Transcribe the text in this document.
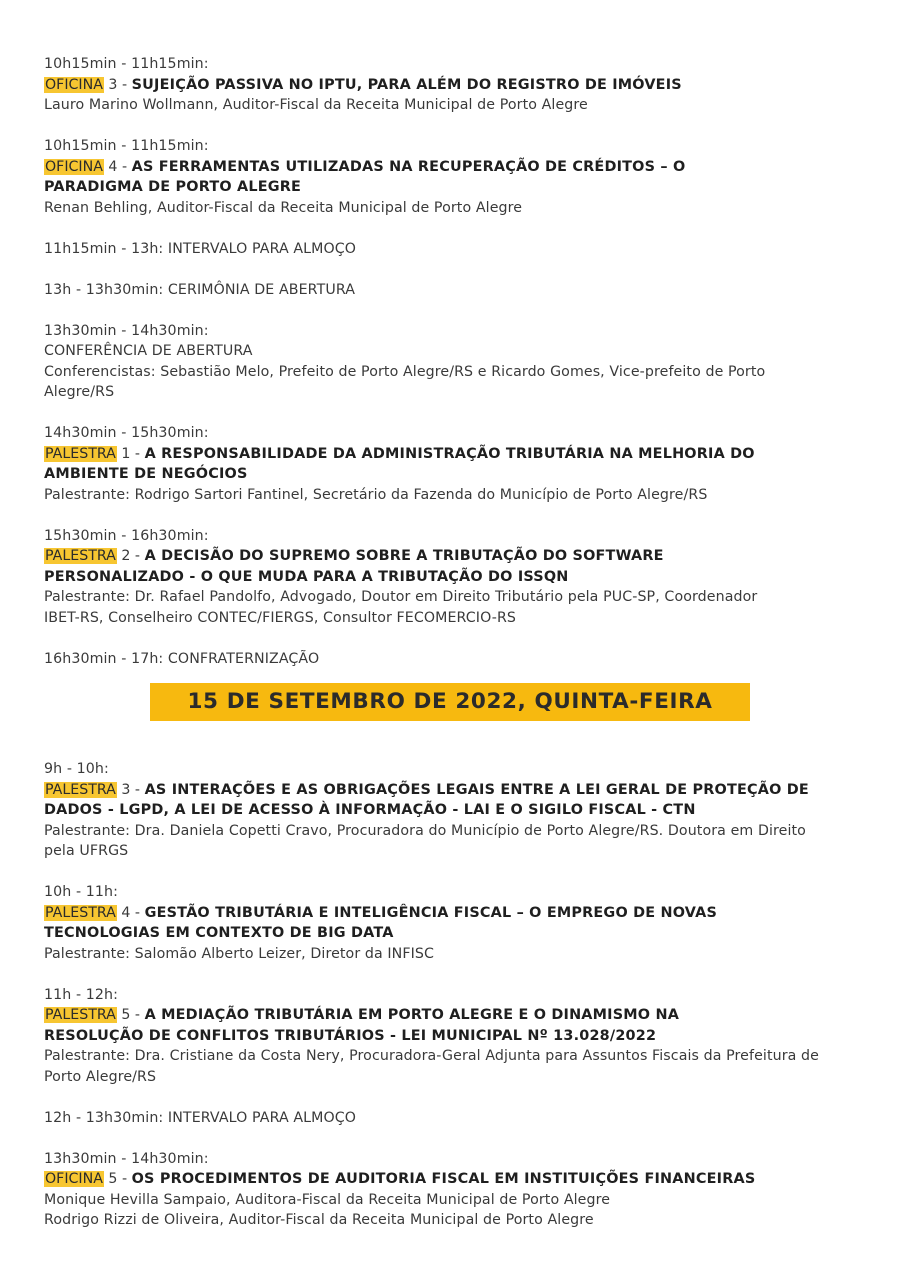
10h15min - 11h15min:
OFICINA 3 - SUJEIÇÃO PASSIVA NO IPTU, PARA ALÉM DO REGISTRO DE IMÓVEIS
Lauro Marino Wollmann, Auditor-Fiscal da Receita Municipal de Porto Alegre
10h15min - 11h15min:
OFICINA 4 - AS FERRAMENTAS UTILIZADAS NA RECUPERAÇÃO DE CRÉDITOS – O PARADIGMA DE PORTO ALEGRE
Renan Behling, Auditor-Fiscal da Receita Municipal de Porto Alegre
11h15min - 13h: INTERVALO PARA ALMOÇO
13h - 13h30min: CERIMÔNIA DE ABERTURA
13h30min - 14h30min:
CONFERÊNCIA DE ABERTURA
Conferencistas: Sebastião Melo, Prefeito de Porto Alegre/RS e Ricardo Gomes, Vice-prefeito de Porto Alegre/RS
14h30min - 15h30min:
PALESTRA 1 - A RESPONSABILIDADE DA ADMINISTRAÇÃO TRIBUTÁRIA NA MELHORIA DO AMBIENTE DE NEGÓCIOS
Palestrante: Rodrigo Sartori Fantinel, Secretário da Fazenda do Município de Porto Alegre/RS
15h30min - 16h30min:
PALESTRA 2 - A DECISÃO DO SUPREMO SOBRE A TRIBUTAÇÃO DO SOFTWARE PERSONALIZADO - O QUE MUDA PARA A TRIBUTAÇÃO DO ISSQN
Palestrante: Dr. Rafael Pandolfo, Advogado, Doutor em Direito Tributário pela PUC-SP, Coordenador IBET-RS, Conselheiro CONTEC/FIERGS, Consultor FECOMERCIO-RS
16h30min - 17h: CONFRATERNIZAÇÃO
15 DE SETEMBRO DE 2022, QUINTA-FEIRA
9h - 10h:
PALESTRA 3 - AS INTERAÇÕES E AS OBRIGAÇÕES LEGAIS ENTRE A LEI GERAL DE PROTEÇÃO DE DADOS - LGPD, A LEI DE ACESSO À INFORMAÇÃO - LAI E O SIGILO FISCAL - CTN
Palestrante: Dra. Daniela Copetti Cravo, Procuradora do Município de Porto Alegre/RS. Doutora em Direito pela UFRGS
10h - 11h:
PALESTRA 4 - GESTÃO TRIBUTÁRIA E INTELIGÊNCIA FISCAL – O EMPREGO DE NOVAS TECNOLOGIAS EM CONTEXTO DE BIG DATA
Palestrante: Salomão Alberto Leizer, Diretor da INFISC
11h - 12h:
PALESTRA 5 - A MEDIAÇÃO TRIBUTÁRIA EM PORTO ALEGRE E O DINAMISMO NA RESOLUÇÃO DE CONFLITOS TRIBUTÁRIOS - LEI MUNICIPAL Nº 13.028/2022
Palestrante: Dra. Cristiane da Costa Nery, Procuradora-Geral Adjunta para Assuntos Fiscais da Prefeitura de Porto Alegre/RS
12h - 13h30min: INTERVALO PARA ALMOÇO
13h30min - 14h30min:
OFICINA 5 - OS PROCEDIMENTOS DE AUDITORIA FISCAL EM INSTITUIÇÕES FINANCEIRAS
Monique Hevilla Sampaio, Auditora-Fiscal da Receita Municipal de Porto Alegre
Rodrigo Rizzi de Oliveira, Auditor-Fiscal da Receita Municipal de Porto Alegre
